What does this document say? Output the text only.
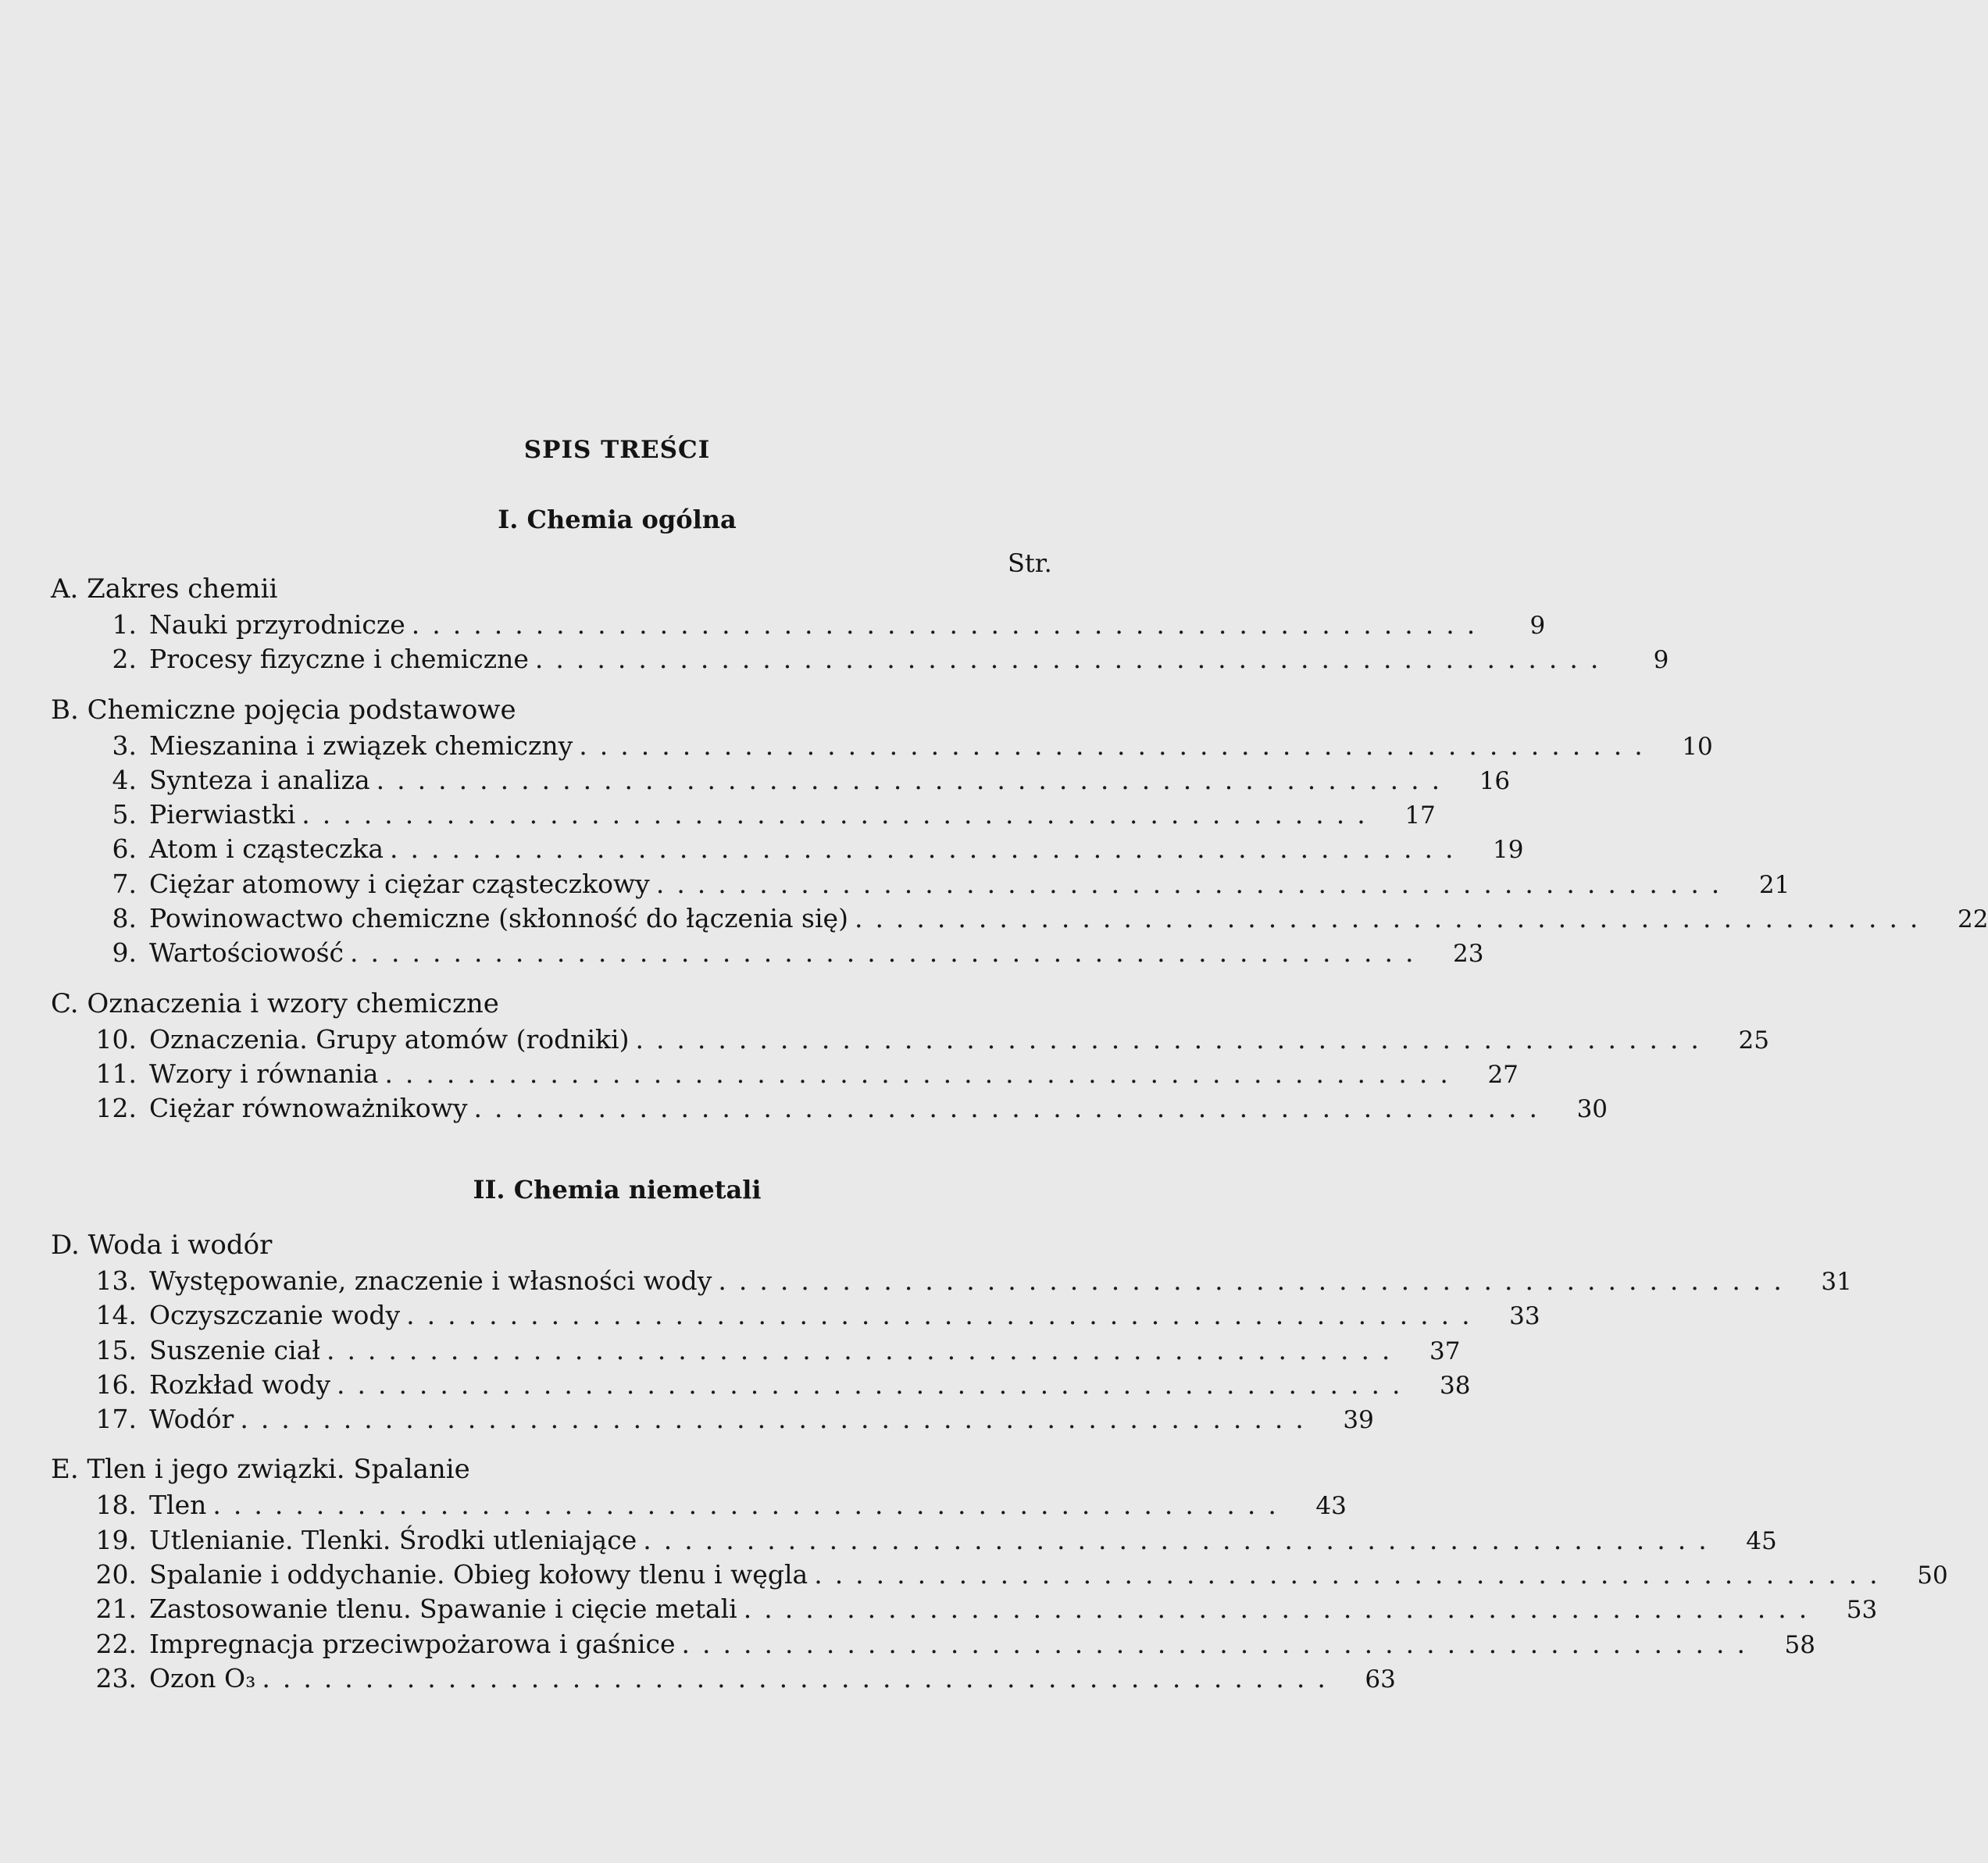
SPIS TREŚCI
I. Chemia ogólna
Str.
A. Zakres chemii
1. Nauki przyrodnicze ....................................................	9
2. Procesy fizyczne i chemiczne ....................................................	9
B. Chemiczne pojęcia podstawowe
3. Mieszanina i związek chemiczny ....................................................	10
4. Synteza i analiza ....................................................	16
5. Pierwiastki ....................................................	17
6. Atom i cząsteczka ....................................................	19
7. Ciężar atomowy i ciężar cząsteczkowy ....................................................	21
8. Powinowactwo chemiczne (skłonność do łączenia się) ....................................................	22
9. Wartościowość ....................................................	23
C. Oznaczenia i wzory chemiczne
10. Oznaczenia. Grupy atomów (rodniki) ....................................................	25
11. Wzory i równania ....................................................	27
12. Ciężar równoważnikowy ....................................................	30
II. Chemia niemetali
D. Woda i wodór
13. Występowanie, znaczenie i własności wody ....................................................	31
14. Oczyszczanie wody ....................................................	33
15. Suszenie ciał ....................................................	37
16. Rozkład wody ....................................................	38
17. Wodór ....................................................	39
E. Tlen i jego związki. Spalanie
18. Tlen ....................................................	43
19. Utlenianie. Tlenki. Środki utleniające ....................................................	45
20. Spalanie i oddychanie. Obieg kołowy tlenu i węgla ....................................................	50
21. Zastosowanie tlenu. Spawanie i cięcie metali ....................................................	53
22. Impregnacja przeciwpożarowa i gaśnice ....................................................	58
23. Ozon O₃ ....................................................	63
